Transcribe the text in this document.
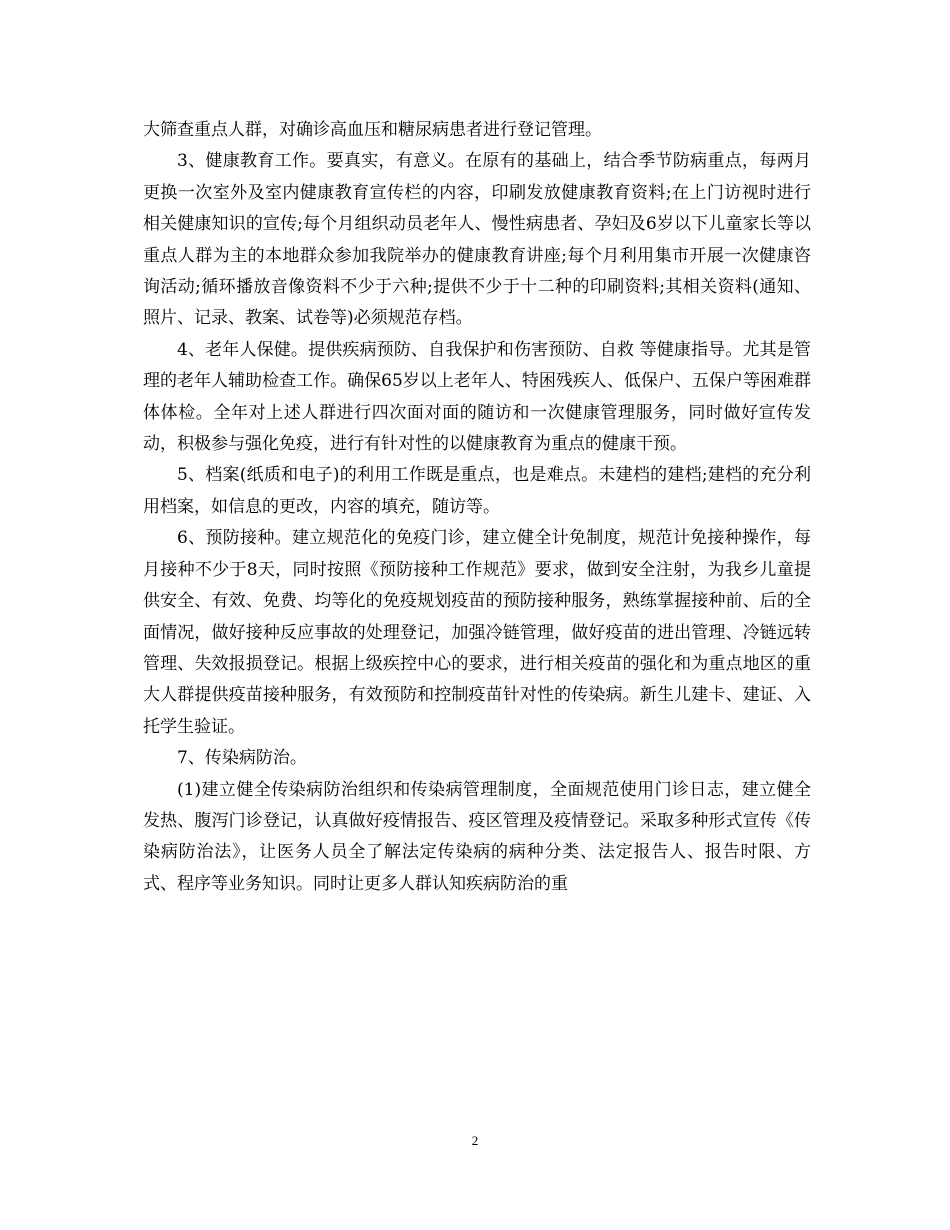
大筛查重点人群，对确诊高血压和糖尿病患者进行登记管理。

3、健康教育工作。要真实，有意义。在原有的基础上，结合季节防病重点，每两月更换一次室外及室内健康教育宣传栏的内容，印刷发放健康教育资料;在上门访视时进行相关健康知识的宣传;每个月组织动员老年人、慢性病患者、孕妇及6岁以下儿童家长等以重点人群为主的本地群众参加我院举办的健康教育讲座;每个月利用集市开展一次健康咨询活动;循环播放音像资料不少于六种;提供不少于十二种的印刷资料;其相关资料(通知、照片、记录、教案、试卷等)必须规范存档。

4、老年人保健。提供疾病预防、自我保护和伤害预防、自救 等健康指导。尤其是管理的老年人辅助检查工作。确保65岁以上老年人、特困残疾人、低保户、五保户等困难群体体检。全年对上述人群进行四次面对面的随访和一次健康管理服务，同时做好宣传发动，积极参与强化免疫，进行有针对性的以健康教育为重点的健康干预。

5、档案(纸质和电子)的利用工作既是重点，也是难点。未建档的建档;建档的充分利用档案，如信息的更改，内容的填充，随访等。

6、预防接种。建立规范化的免疫门诊，建立健全计免制度，规范计免接种操作，每月接种不少于8天，同时按照《预防接种工作规范》要求，做到安全注射，为我乡儿童提供安全、有效、免费、均等化的免疫规划疫苗的预防接种服务，熟练掌握接种前、后的全面情况，做好接种反应事故的处理登记，加强冷链管理，做好疫苗的进出管理、冷链远转管理、失效报损登记。根据上级疾控中心的要求，进行相关疫苗的强化和为重点地区的重大人群提供疫苗接种服务，有效预防和控制疫苗针对性的传染病。新生儿建卡、建证、入托学生验证。

7、传染病防治。

(1)建立健全传染病防治组织和传染病管理制度，全面规范使用门诊日志，建立健全发热、腹泻门诊登记，认真做好疫情报告、疫区管理及疫情登记。采取多种形式宣传《传染病防治法》，让医务人员全了解法定传染病的病种分类、法定报告人、报告时限、方式、程序等业务知识。同时让更多人群认知疾病防治的重

2
